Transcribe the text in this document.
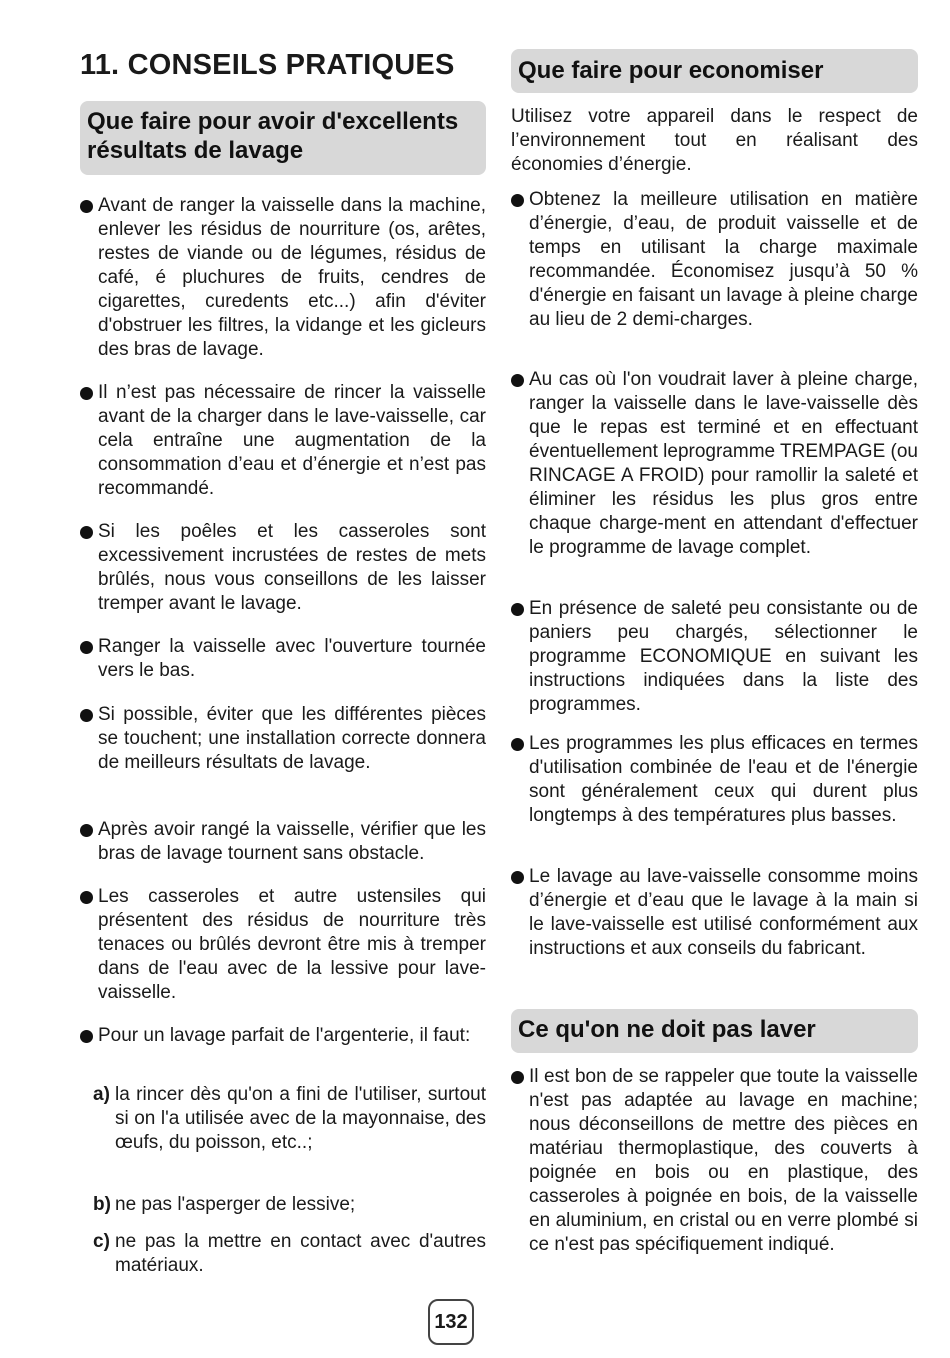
11. CONSEILS PRATIQUES
Que faire pour avoir d'excellents résultats de lavage
Avant de ranger la vaisselle dans la machine, enlever les résidus de nourriture (os, arêtes, restes de viande ou de légumes, résidus de café, é pluchures de fruits, cendres de cigarettes, curedents etc...) afin d'éviter d'obstruer les filtres, la vidange et les gicleurs des bras de lavage.
Il n’est pas nécessaire de rincer la vaisselle avant de la charger dans le lave-vaisselle, car cela entraîne une augmentation de la consommation d’eau et d’énergie et n’est pas recommandé.
Si les poêles et les casseroles sont excessivement incrustées de restes de mets brûlés, nous vous conseillons de les laisser tremper avant le lavage.
Ranger la vaisselle avec l'ouverture tournée vers le bas.
Si possible, éviter que les différentes pièces se touchent; une installation correcte donnera de meilleurs résultats de lavage.
Après avoir rangé la vaisselle, vérifier que les bras de lavage tournent sans obstacle.
Les casseroles et autre ustensiles qui présentent des résidus de nourriture très tenaces ou brûlés devront être mis à tremper dans de l'eau avec de la lessive pour lave-vaisselle.
Pour un lavage parfait de l'argenterie, il faut:
a) la rincer dès qu'on a fini de l'utiliser, surtout si on l'a utilisée avec de la mayonnaise, des œufs, du poisson, etc..;
b) ne pas l'asperger de lessive;
c) ne pas la mettre en contact avec d'autres matériaux.
Que faire pour economiser
Utilisez votre appareil dans le respect de l’environnement tout en réalisant des économies d’énergie.
Obtenez la meilleure utilisation en matière d’énergie, d’eau, de produit vaisselle et de temps en utilisant la charge maximale recommandée. Économisez jusqu’à 50 % d'énergie en faisant un lavage à pleine charge au lieu de 2 demi-charges.
Au cas où l'on voudrait laver à pleine charge, ranger la vaisselle dans le lave-vaisselle dès que le repas est terminé et en effectuant éventuellement leprogramme TREMPAGE (ou RINCAGE A FROID) pour ramollir la saleté et éliminer les résidus les plus gros entre chaque charge-ment en attendant d'effectuer le programme de lavage complet.
En présence de saleté peu consistante ou de paniers peu chargés, sélectionner le programme ECONOMIQUE en suivant les instructions indiquées dans la liste des programmes.
Les programmes les plus efficaces en termes d'utilisation combinée de l'eau et de l'énergie sont généralement ceux qui durent plus longtemps à des températures plus basses.
Le lavage au lave-vaisselle consomme moins d’énergie et d’eau que le lavage à la main si le lave-vaisselle est utilisé conformément aux instructions et aux conseils du fabricant.
Ce qu'on ne doit pas laver
Il est bon de se rappeler que toute la vaisselle n'est pas adaptée au lavage en machine; nous déconseillons de mettre des pièces en matériau thermoplastique, des couverts à poignée en bois ou en plastique, des casseroles à poignée en bois, de la vaisselle en aluminium, en cristal ou en verre plombé si ce n'est pas spécifiquement indiqué.
132
